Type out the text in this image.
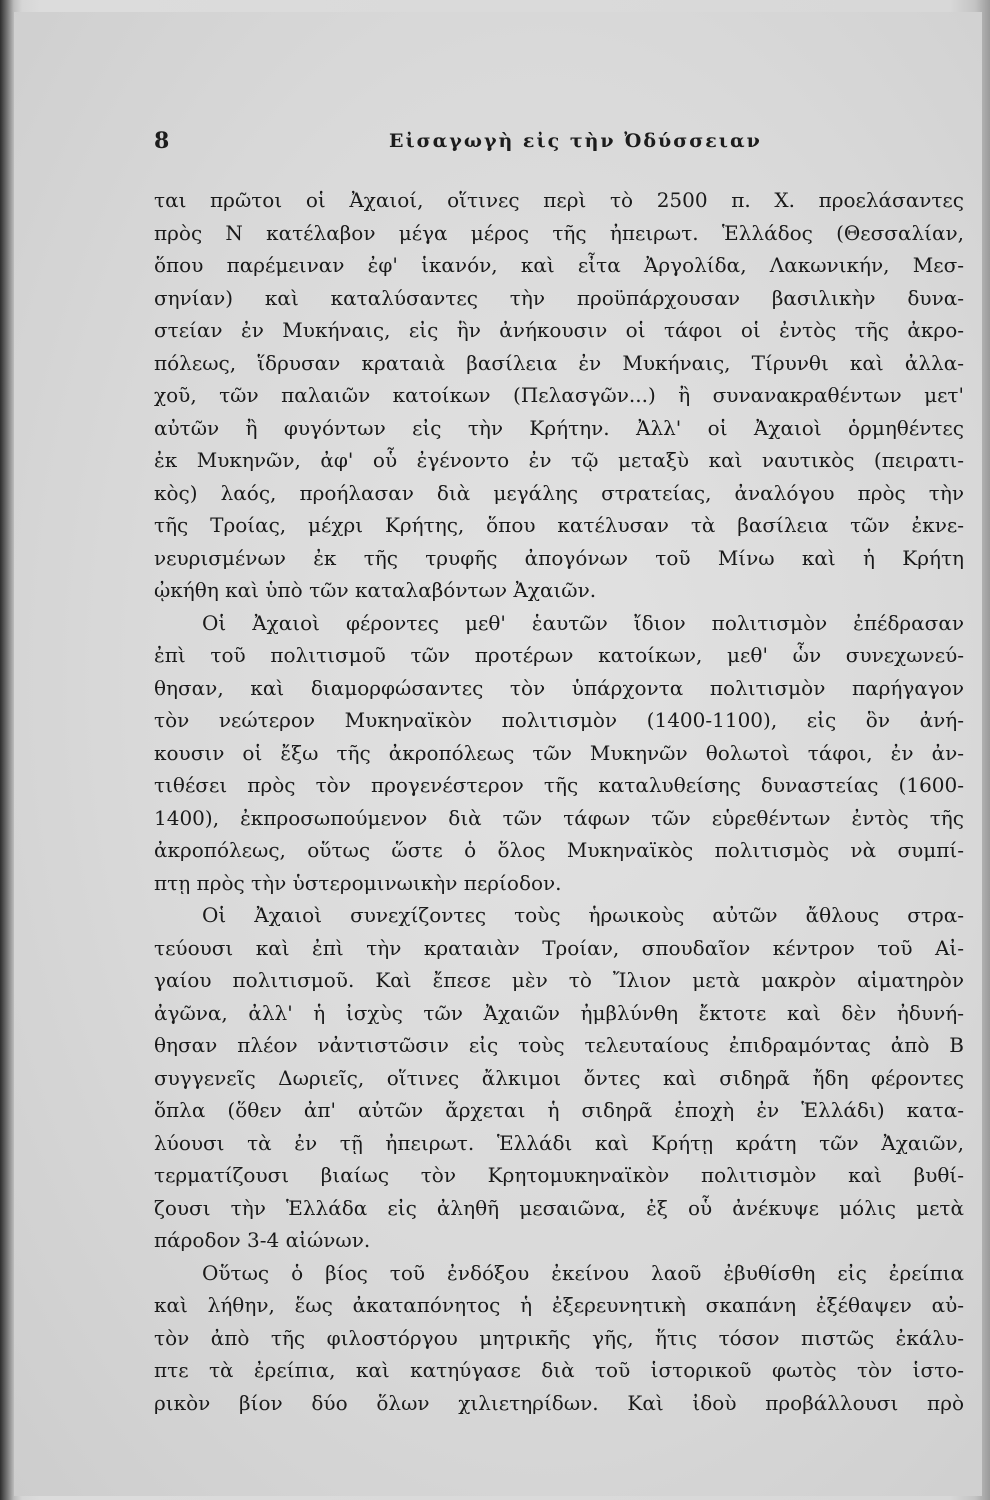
8	Εἰσαγωγὴ εἰς τὴν Ὀδύσσειαν
ται πρῶτοι οἱ Ἀχαιοί, οἵτινες περὶ τὸ 2500 π. Χ. προελάσαντες
πρὸς Ν κατέλαβον μέγα μέρος τῆς ἠπειρωτ. Ἑλλάδος (Θεσσαλίαν,
ὅπου παρέμειναν ἐφ' ἱκανόν, καὶ εἶτα Ἀργολίδα, Λακωνικήν, Μεσ-
σηνίαν) καὶ καταλύσαντες τὴν προϋπάρχουσαν βασιλικὴν δυνα-
στείαν ἐν Μυκήναις, εἰς ἣν ἀνήκουσιν οἱ τάφοι οἱ ἐντὸς τῆς ἀκρο-
πόλεως, ἵδρυσαν κραταιὰ βασίλεια ἐν Μυκήναις, Τίρυνθι καὶ ἀλλα-
χοῦ, τῶν παλαιῶν κατοίκων (Πελασγῶν...) ἢ συνανακραθέντων μετ'
αὐτῶν ἢ φυγόντων εἰς τὴν Κρήτην. Ἀλλ' οἱ Ἀχαιοὶ ὁρμηθέντες
ἐκ Μυκηνῶν, ἀφ' οὗ ἐγένοντο ἐν τῷ μεταξὺ καὶ ναυτικὸς (πειρατι-
κὸς) λαός, προήλασαν διὰ μεγάλης στρατείας, ἀναλόγου πρὸς τὴν
τῆς Τροίας, μέχρι Κρήτης, ὅπου κατέλυσαν τὰ βασίλεια τῶν ἐκνε-
νευρισμένων ἐκ τῆς τρυφῆς ἀπογόνων τοῦ Μίνω καὶ ἡ Κρήτη
ᾠκήθη καὶ ὑπὸ τῶν καταλαβόντων Ἀχαιῶν.
Οἱ Ἀχαιοὶ φέροντες μεθ' ἑαυτῶν ἴδιον πολιτισμὸν ἐπέδρασαν
ἐπὶ τοῦ πολιτισμοῦ τῶν προτέρων κατοίκων, μεθ' ὧν συνεχωνεύ-
θησαν, καὶ διαμορφώσαντες τὸν ὑπάρχοντα πολιτισμὸν παρήγαγον
τὸν νεώτερον Μυκηναϊκὸν πολιτισμὸν (1400-1100), εἰς ὃν ἀνή-
κουσιν οἱ ἔξω τῆς ἀκροπόλεως τῶν Μυκηνῶν θολωτοὶ τάφοι, ἐν ἀν-
τιθέσει πρὸς τὸν προγενέστερον τῆς καταλυθείσης δυναστείας (1600-
1400), ἐκπροσωπούμενον διὰ τῶν τάφων τῶν εὑρεθέντων ἐντὸς τῆς
ἀκροπόλεως, οὕτως ὥστε ὁ ὅλος Μυκηναϊκὸς πολιτισμὸς νὰ συμπί-
πτῃ πρὸς τὴν ὑστερομινωικὴν περίοδον.
Οἱ Ἀχαιοὶ συνεχίζοντες τοὺς ἡρωικοὺς αὐτῶν ἄθλους στρα-
τεύουσι καὶ ἐπὶ τὴν κραταιὰν Τροίαν, σπουδαῖον κέντρον τοῦ Αἰ-
γαίου πολιτισμοῦ. Καὶ ἔπεσε μὲν τὸ Ἴλιον μετὰ μακρὸν αἱματηρὸν
ἀγῶνα, ἀλλ' ἡ ἰσχὺς τῶν Ἀχαιῶν ἠμβλύνθη ἔκτοτε καὶ δὲν ἠδυνή-
θησαν πλέον νἀντιστῶσιν εἰς τοὺς τελευταίους ἐπιδραμόντας ἀπὸ Β
συγγενεῖς Δωριεῖς, οἵτινες ἄλκιμοι ὄντες καὶ σιδηρᾶ ἤδη φέροντες
ὅπλα (ὅθεν ἀπ' αὐτῶν ἄρχεται ἡ σιδηρᾶ ἐποχὴ ἐν Ἑλλάδι) κατα-
λύουσι τὰ ἐν τῇ ἠπειρωτ. Ἑλλάδι καὶ Κρήτῃ κράτη τῶν Ἀχαιῶν,
τερματίζουσι βιαίως τὸν Κρητομυκηναϊκὸν πολιτισμὸν καὶ βυθί-
ζουσι τὴν Ἑλλάδα εἰς ἀληθῆ μεσαιῶνα, ἐξ οὗ ἀνέκυψε μόλις μετὰ
πάροδον 3-4 αἰώνων.
Οὕτως ὁ βίος τοῦ ἐνδόξου ἐκείνου λαοῦ ἐβυθίσθη εἰς ἐρείπια
καὶ λήθην, ἕως ἀκαταπόνητος ἡ ἐξερευνητικὴ σκαπάνη ἐξέθαψεν αὐ-
τὸν ἀπὸ τῆς φιλοστόργου μητρικῆς γῆς, ἥτις τόσον πιστῶς ἐκάλυ-
πτε τὰ ἐρείπια, καὶ κατηύγασε διὰ τοῦ ἱστορικοῦ φωτὸς τὸν ἱστο-
ρικὸν βίον δύο ὅλων χιλιετηρίδων. Καὶ ἰδοὺ προβάλλουσι πρὸ
